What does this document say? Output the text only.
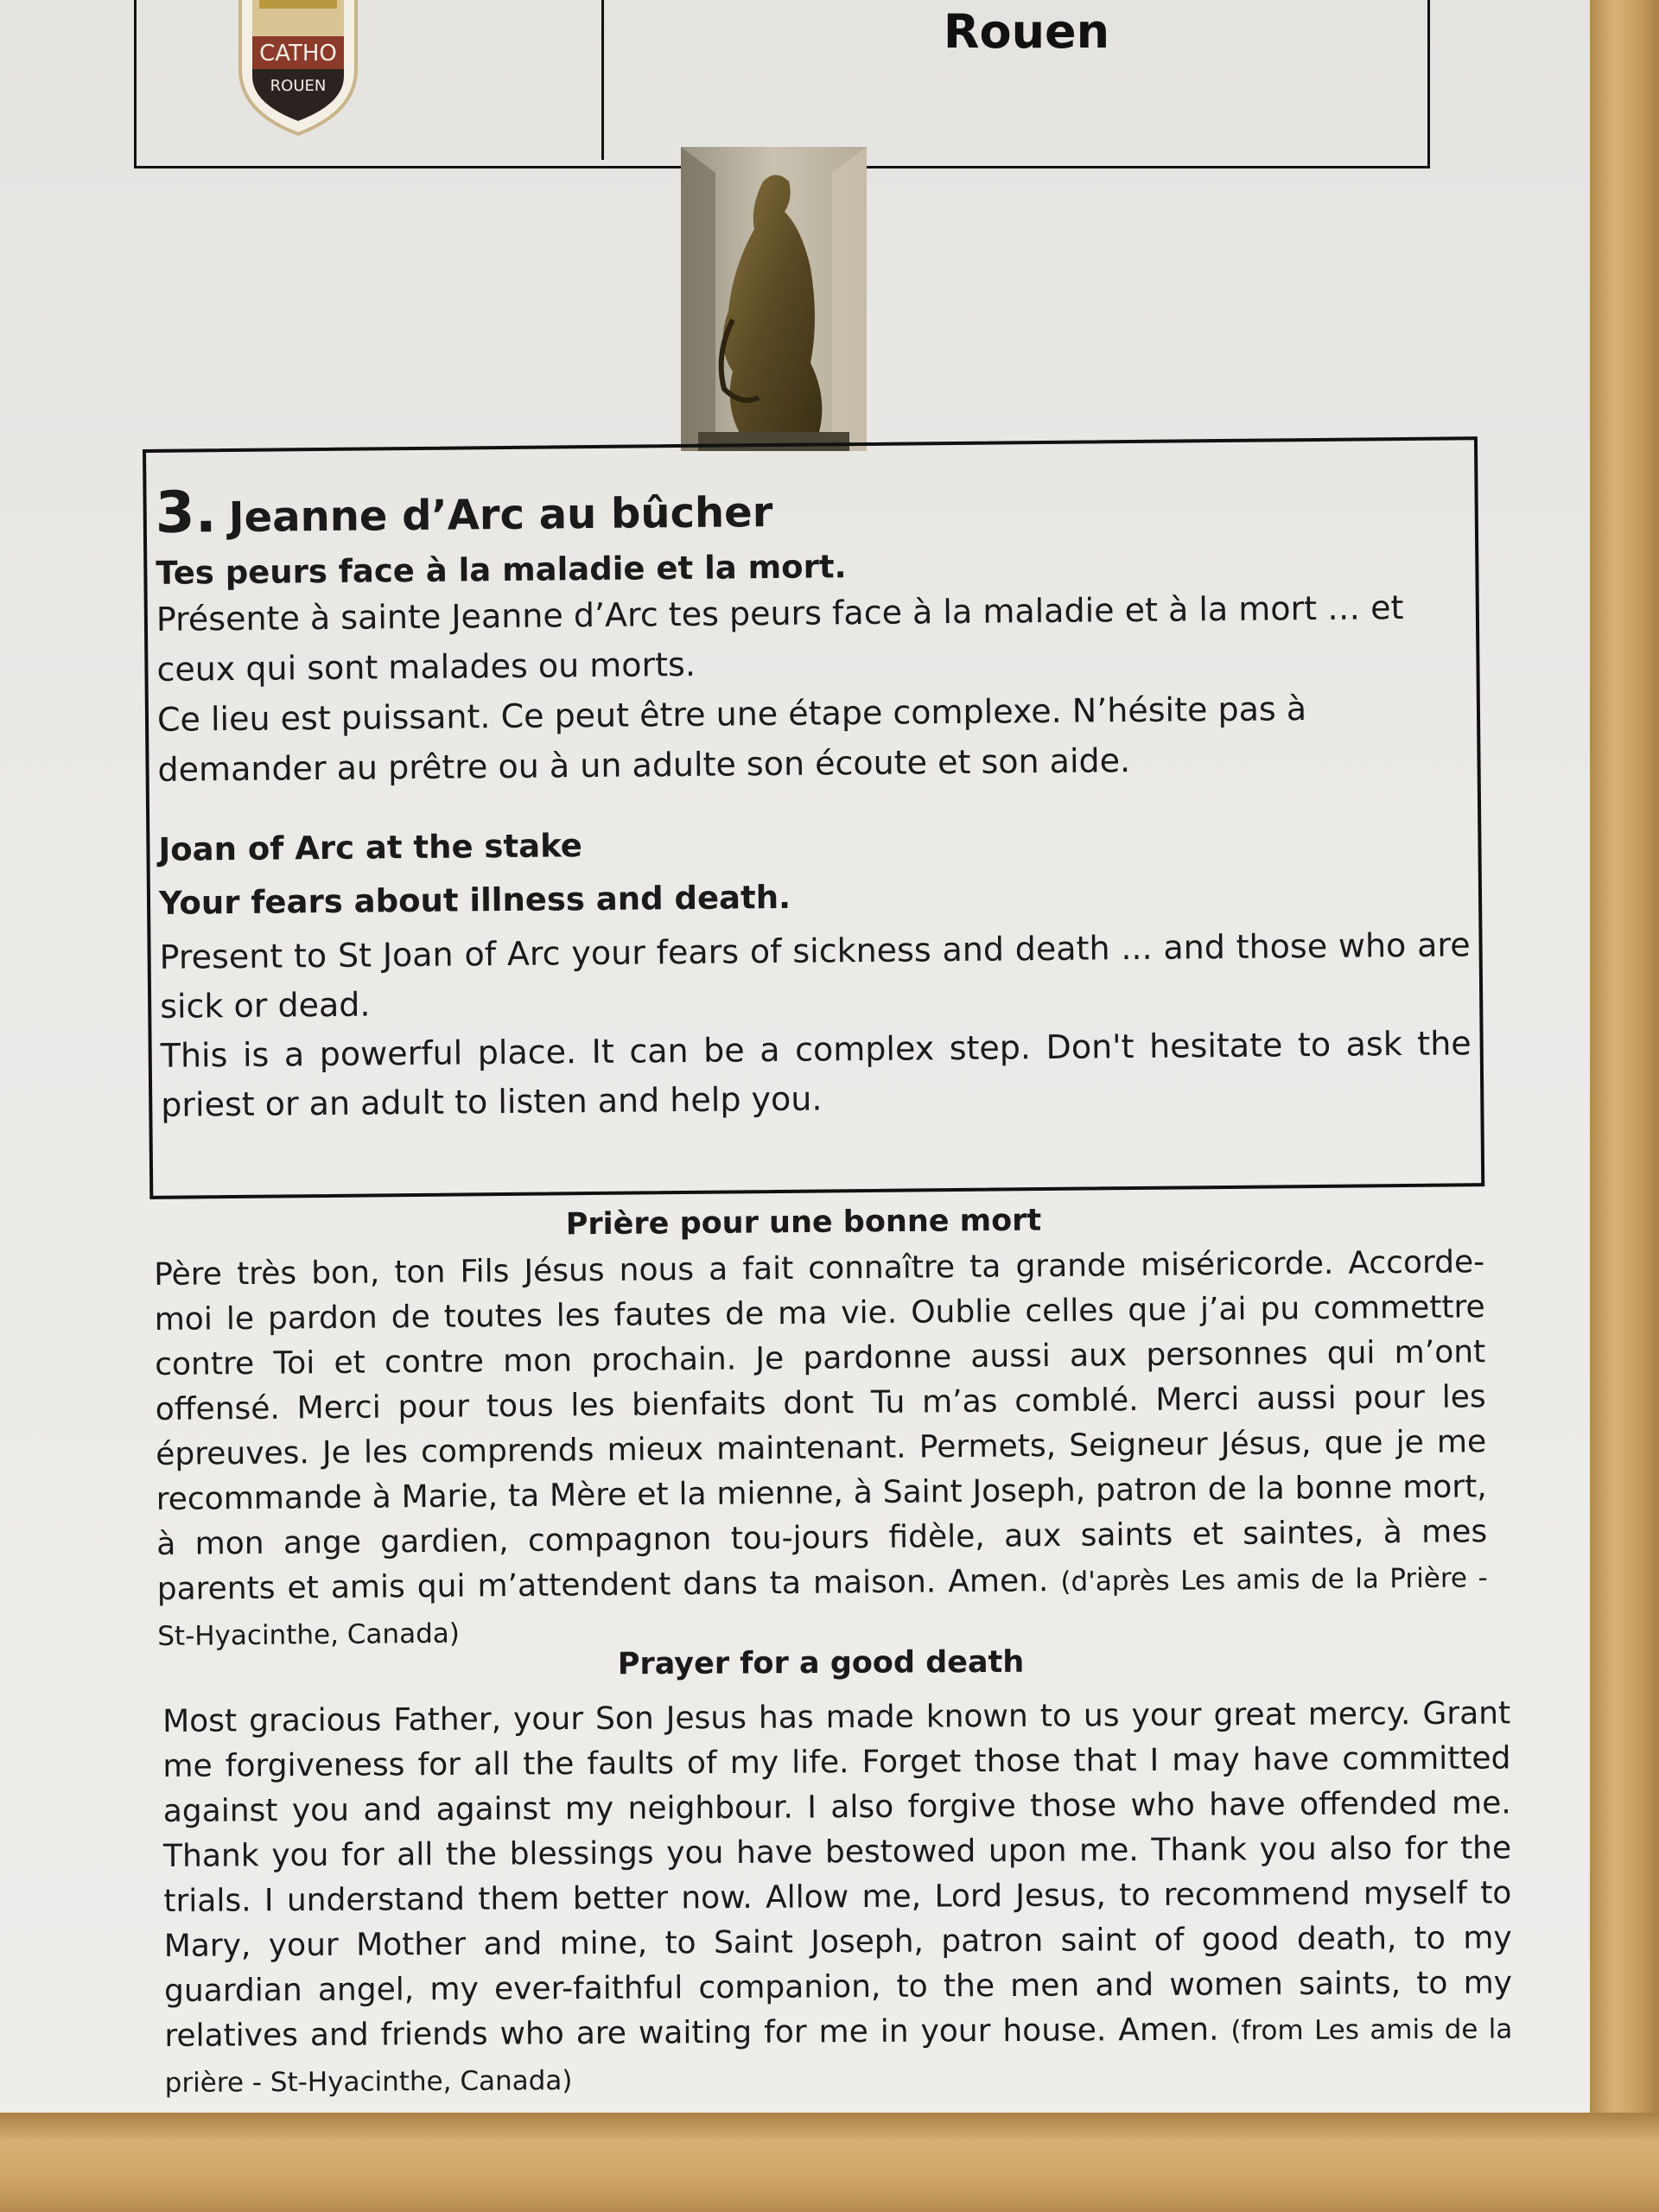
Rouen
CATHO
ROUEN
3. Jeanne d’Arc au bûcher

Tes peurs face à la maladie et la mort.

Présente à sainte Jeanne d’Arc tes peurs face à la maladie et à la mort … et ceux qui sont malades ou morts.

Ce lieu est puissant. Ce peut être une étape complexe. N’hésite pas à demander au prêtre ou à un adulte son écoute et son aide.

Joan of Arc at the stake

Your fears about illness and death.

Present to St Joan of Arc your fears of sickness and death ... and those who are sick or dead.

This is a powerful place. It can be a complex step. Don't hesitate to ask the priest or an adult to listen and help you.

Prière pour une bonne mort
Père très bon, ton Fils Jésus nous a fait connaître ta grande miséricorde. Accorde- moi le pardon de toutes les fautes de ma vie. Oublie celles que j’ai pu commettre contre Toi et contre mon prochain. Je pardonne aussi aux personnes qui m’ont offensé. Merci pour tous les bienfaits dont Tu m’as comblé. Merci aussi pour les épreuves. Je les comprends mieux maintenant. Permets, Seigneur Jésus, que je me recommande à Marie, ta Mère et la mienne, à Saint Joseph, patron de la bonne mort, à mon ange gardien, compagnon tou-jours fidèle, aux saints et saintes, à mes parents et amis qui m’attendent dans ta maison. Amen. (d'après Les amis de la Prière - St-Hyacinthe, Canada)
Prayer for a good death
Most gracious Father, your Son Jesus has made known to us your great mercy. Grant me forgiveness for all the faults of my life. Forget those that I may have committed against you and against my neighbour. I also forgive those who have offended me. Thank you for all the blessings you have bestowed upon me. Thank you also for the trials. I understand them better now. Allow me, Lord Jesus, to recommend myself to Mary, your Mother and mine, to Saint Joseph, patron saint of good death, to my guardian angel, my ever-faithful companion, to the men and women saints, to my relatives and friends who are waiting for me in your house. Amen. (from Les amis de la prière - St-Hyacinthe, Canada)
